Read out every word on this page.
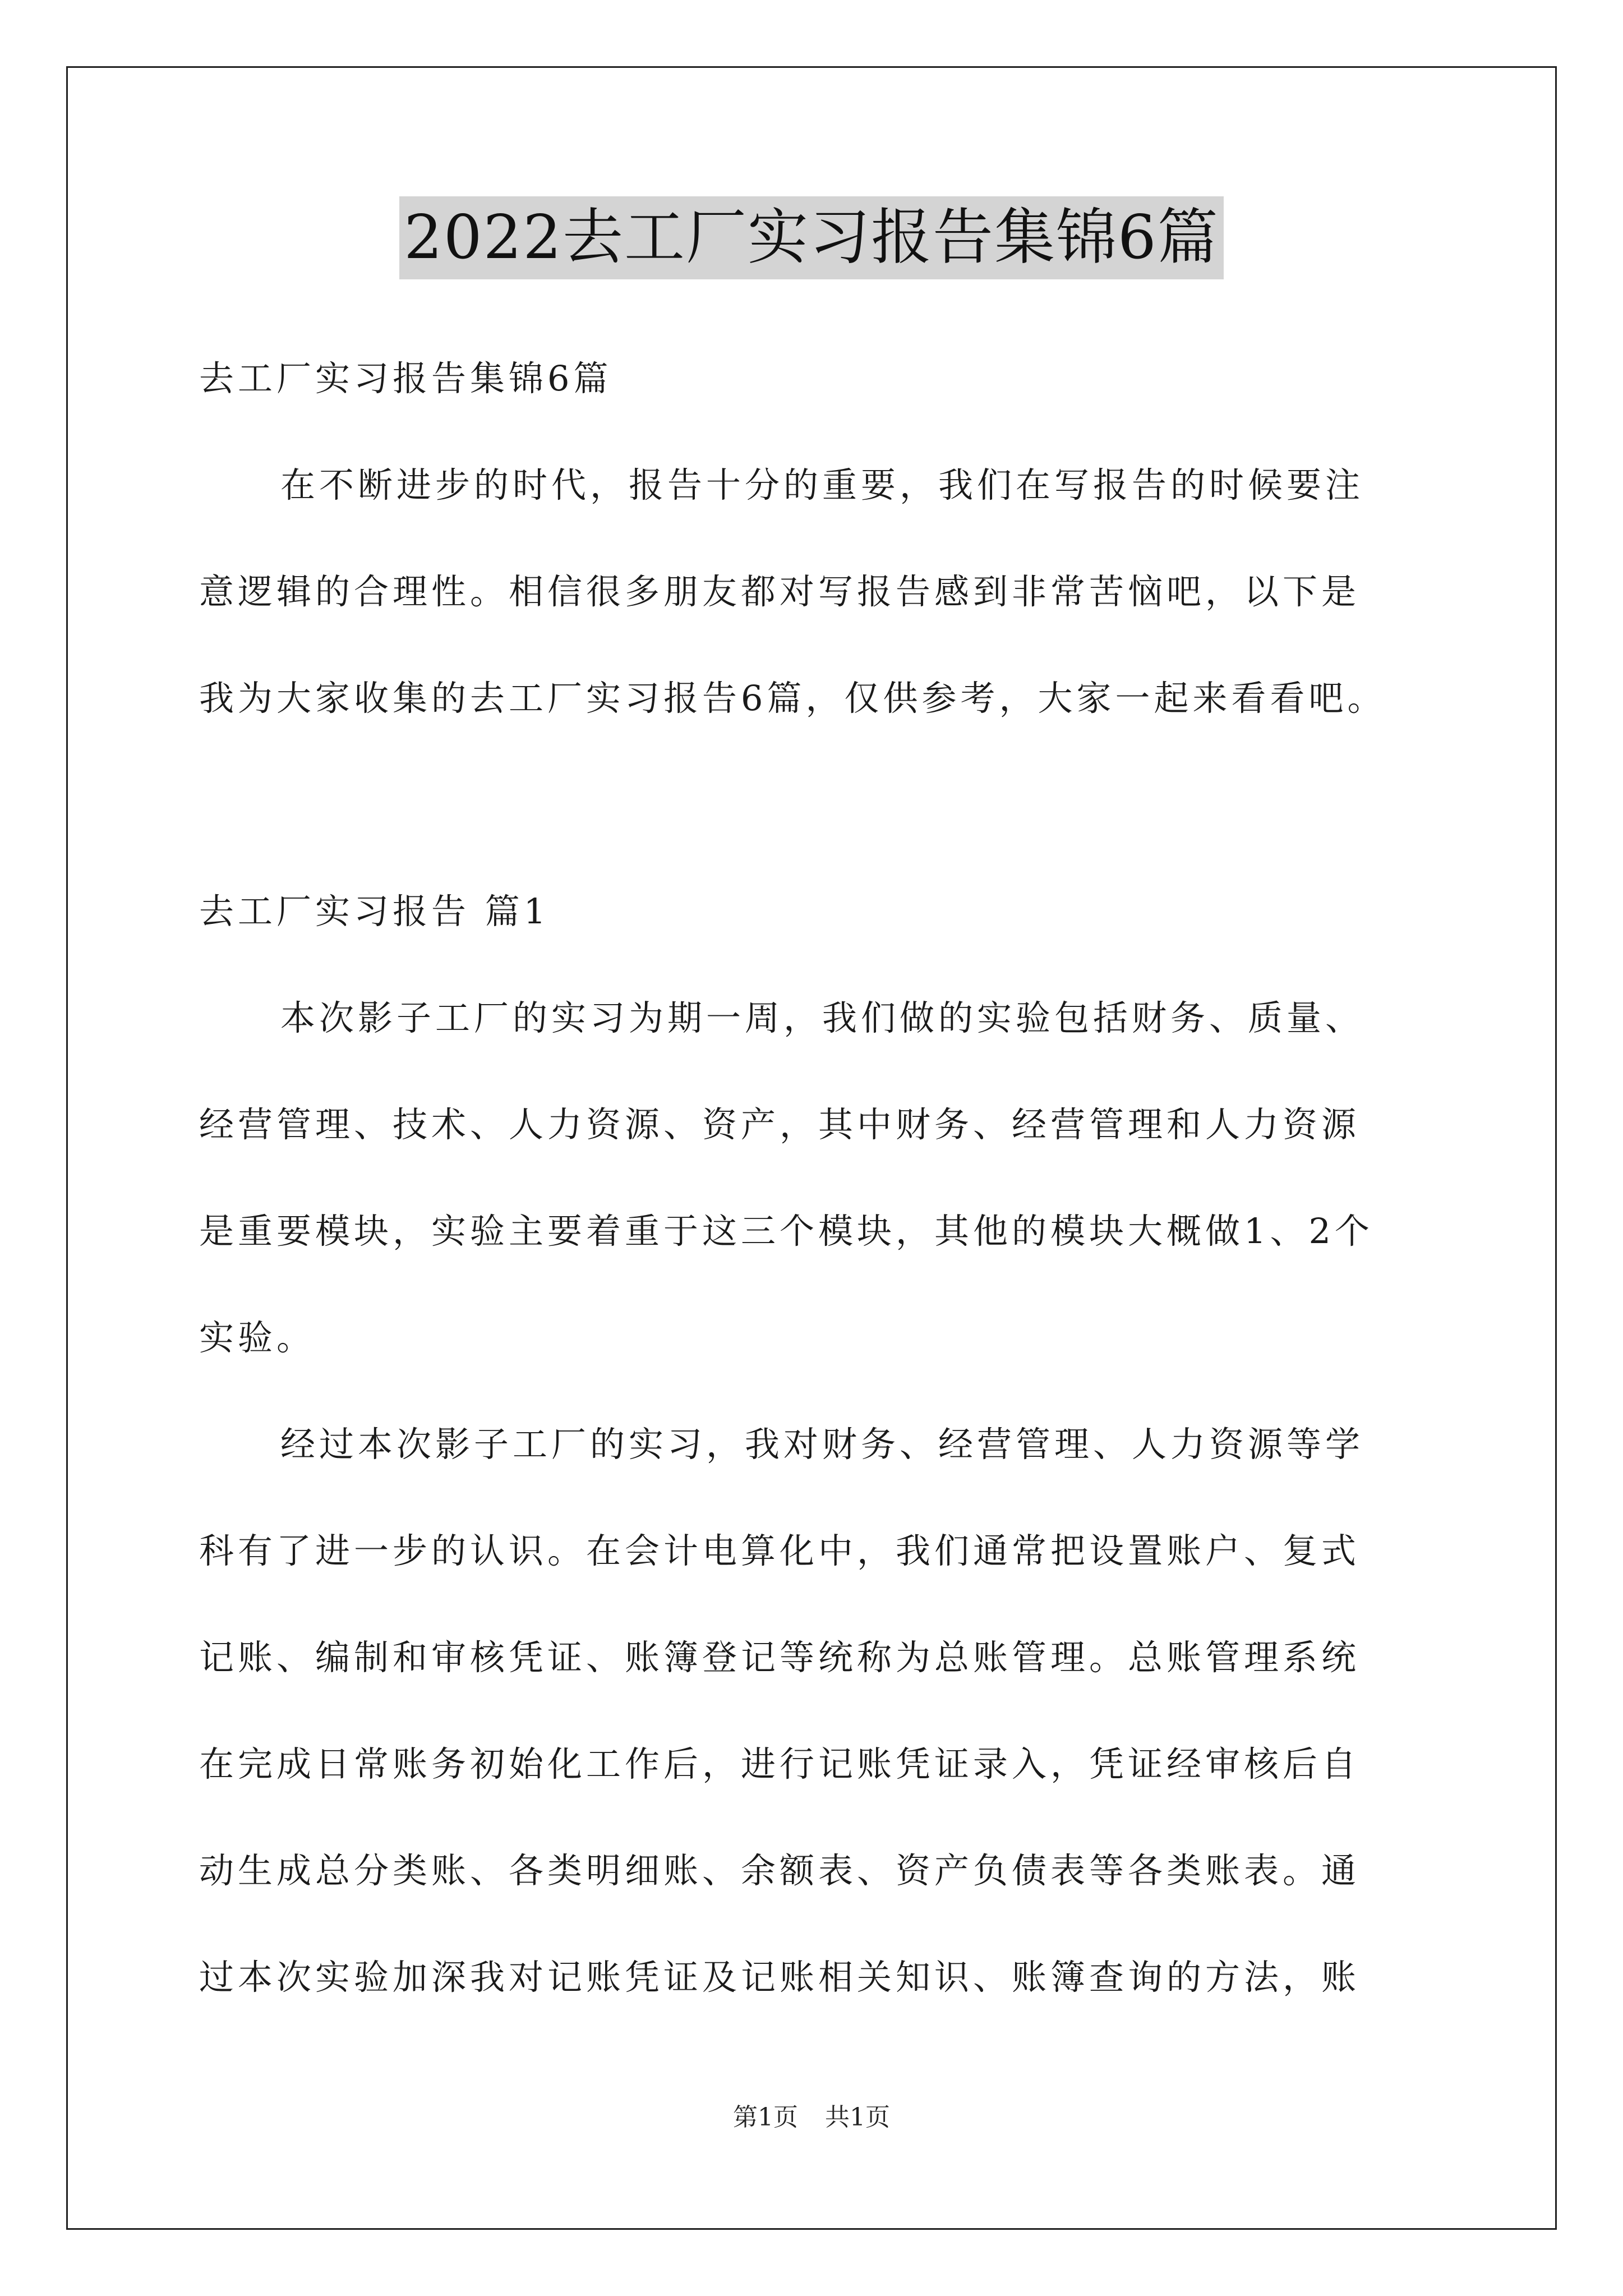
2022去工厂实习报告集锦6篇
去工厂实习报告集锦6篇
在不断进步的时代，报告十分的重要，我们在写报告的时候要注
意逻辑的合理性。相信很多朋友都对写报告感到非常苦恼吧，以下是
我为大家收集的去工厂实习报告6篇，仅供参考，大家一起来看看吧。
去工厂实习报告 篇1
本次影子工厂的实习为期一周，我们做的实验包括财务、质量、
经营管理、技术、人力资源、资产，其中财务、经营管理和人力资源
是重要模块，实验主要着重于这三个模块，其他的模块大概做1、2个
实验。
经过本次影子工厂的实习，我对财务、经营管理、人力资源等学
科有了进一步的认识。在会计电算化中，我们通常把设置账户、复式
记账、编制和审核凭证、账簿登记等统称为总账管理。总账管理系统
在完成日常账务初始化工作后，进行记账凭证录入，凭证经审核后自
动生成总分类账、各类明细账、余额表、资产负债表等各类账表。通
过本次实验加深我对记账凭证及记账相关知识、账簿查询的方法，账
第1页 共1页
